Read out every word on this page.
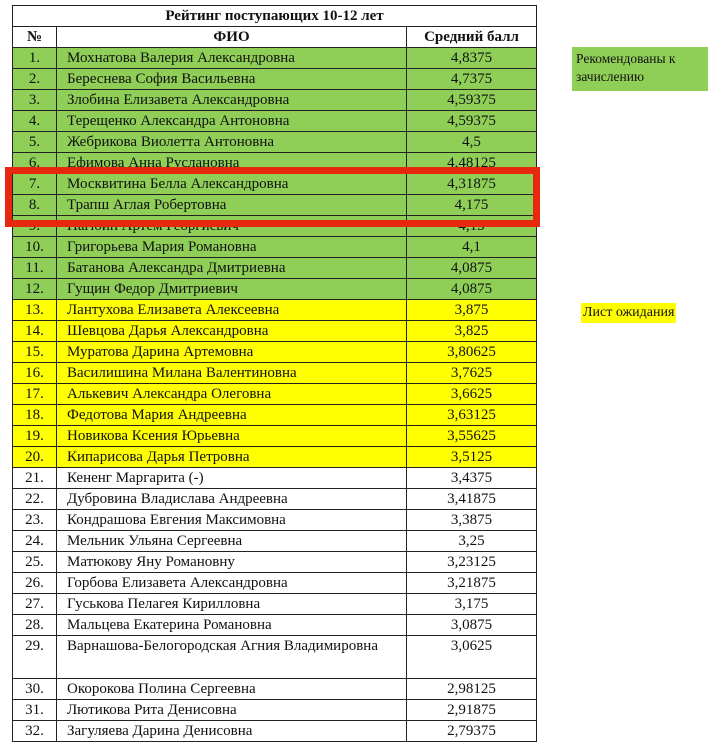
Рейтинг поступающих 10-12 лет		
№	ФИО	Средний балл
1.	Мохнатова Валерия Александровна	4,8375
2.	Береснева София Васильевна	4,7375
3.	Злобина Елизавета Александровна	4,59375
4.	Терещенко Александра Антоновна	4,59375
5.	Жебрикова Виолетта Антоновна	4,5
6.	Ефимова Анна Руслановна	4,48125
7.	Москвитина Белла Александровна	4,31875
8.	Трапш Аглая Робертовна	4,175
9.	Нагюин Артем Георгиевич	4,15
10.	Григорьева Мария Романовна	4,1
11.	Батанова Александра Дмитриевна	4,0875
12.	Гущин Федор Дмитриевич	4,0875
13.	Лантухова Елизавета Алексеевна	3,875
14.	Шевцова Дарья Александровна	3,825
15.	Муратова Дарина Артемовна	3,80625
16.	Василишина Милана Валентиновна	3,7625
17.	Алькевич Александра Олеговна	3,6625
18.	Федотова Мария Андреевна	3,63125
19.	Новикова Ксения Юрьевна	3,55625
20.	Кипарисова Дарья Петровна	3,5125
21.	Кененг Маргарита (-)	3,4375
22.	Дубровина Владислава Андреевна	3,41875
23.	Кондрашова Евгения Максимовна	3,3875
24.	Мельник Ульяна Сергеевна	3,25
25.	Матюкову Яну Романовну	3,23125
26.	Горбова Елизавета Александровна	3,21875
27.	Гуськова Пелагея Кирилловна	3,175
28.	Мальцева Екатерина Романовна	3,0875
29.	Варнашова-Белогородская Агния Владимировна	3,0625
30.	Окорокова Полина Сергеевна	2,98125
31.	Лютикова Рита Денисовна	2,91875
32.	Загуляева Дарина Денисовна	2,79375
Рекомендованы к зачислению
Лист ожидания
